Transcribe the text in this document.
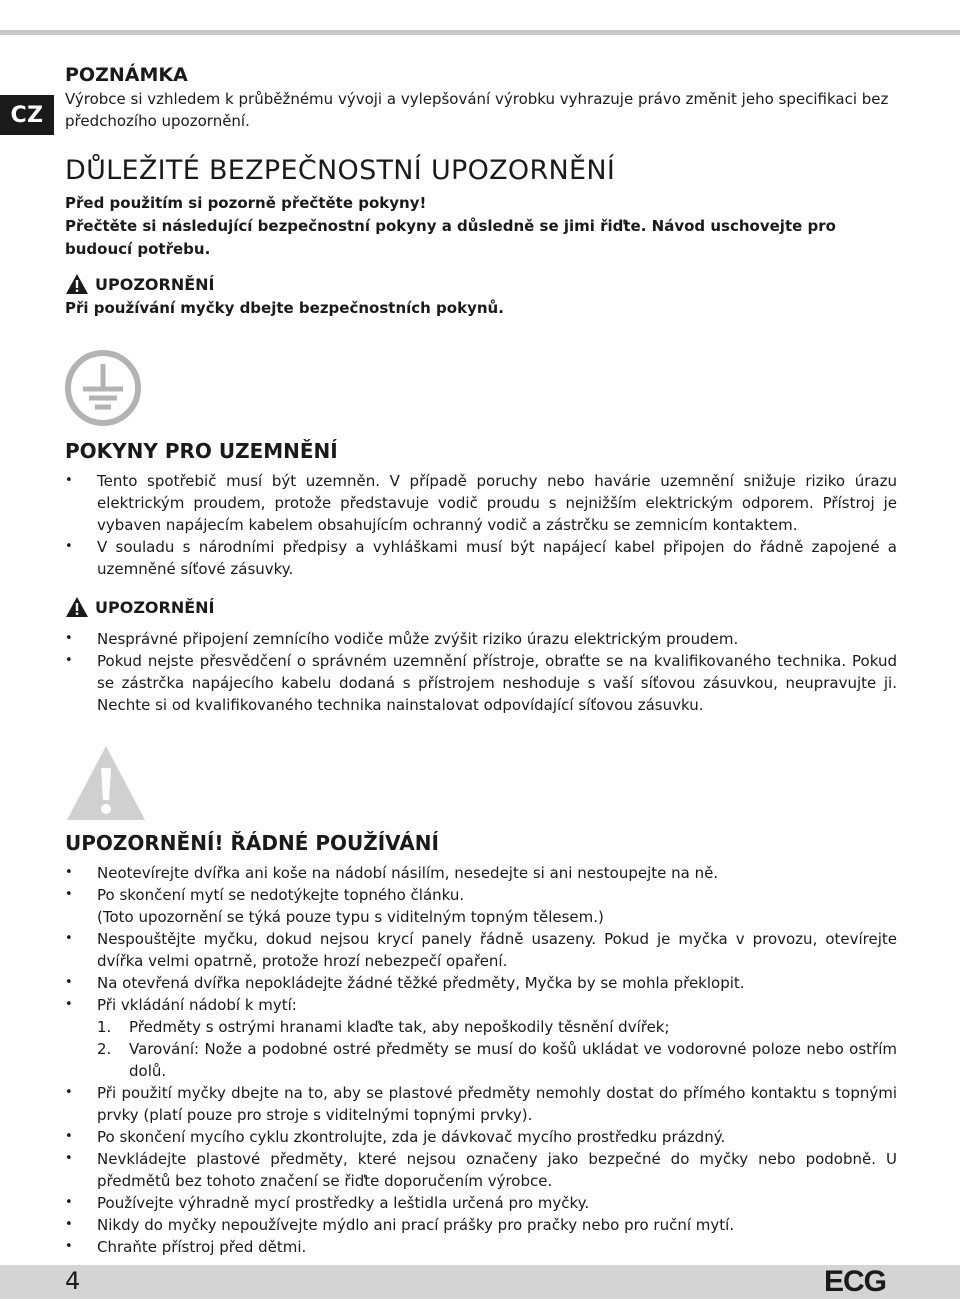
CZ
POZNÁMKA

Výrobce si vzhledem k průběžnému vývoji a vylepšování výrobku vyhrazuje právo změnit jeho specifikaci bez předchozího upozornění.

DŮLEŽITÉ BEZPEČNOSTNÍ UPOZORNĚNÍ

Před použitím si pozorně přečtěte pokyny!

Přečtěte si následující bezpečnostní pokyny a důsledně se jimi řiďte. Návod uschovejte pro budoucí potřebu.

UPOZORNĚNÍ

Při používání myčky dbejte bezpečnostních pokynů.

POKYNY PRO UZEMNĚNÍ
• Tento spotřebič musí být uzemněn. V případě poruchy nebo havárie uzemnění snižuje riziko úrazu elektrickým proudem, protože představuje vodič proudu s nejnižším elektrickým odporem. Přístroj je vybaven napájecím kabelem obsahujícím ochranný vodič a zástrčku se zemnicím kontaktem.
• V souladu s národními předpisy a vyhláškami musí být napájecí kabel připojen do řádně zapojené a uzemněné síťové zásuvky.
UPOZORNĚNÍ
• Nesprávné připojení zemnícího vodiče může zvýšit riziko úrazu elektrickým proudem.
• Pokud nejste přesvědčení o správném uzemnění přístroje, obraťte se na kvalifikovaného technika. Pokud se zástrčka napájecího kabelu dodaná s přístrojem neshoduje s vaší síťovou zásuvkou, neupravujte ji. Nechte si od kvalifikovaného technika nainstalovat odpovídající síťovou zásuvku.
UPOZORNĚNÍ! ŘÁDNÉ POUŽÍVÁNÍ
• Neotevírejte dvířka ani koše na nádobí násilím, nesedejte si ani nestoupejte na ně.
• Po skončení mytí se nedotýkejte topného článku.
(Toto upozornění se týká pouze typu s viditelným topným tělesem.)
• Nespouštějte myčku, dokud nejsou krycí panely řádně usazeny. Pokud je myčka v provozu, otevírejte dvířka velmi opatrně, protože hrozí nebezpečí opaření.
• Na otevřená dvířka nepokládejte žádné těžké předměty, Myčka by se mohla překlopit.
• Při vkládání nádobí k mytí:
1. Předměty s ostrými hranami klaďte tak, aby nepoškodily těsnění dvířek;
2. Varování: Nože a podobné ostré předměty se musí do košů ukládat ve vodorovné poloze nebo ostřím dolů.
• Při použití myčky dbejte na to, aby se plastové předměty nemohly dostat do přímého kontaktu s topnými prvky (platí pouze pro stroje s viditelnými topnými prvky).
• Po skončení mycího cyklu zkontrolujte, zda je dávkovač mycího prostředku prázdný.
• Nevkládejte plastové předměty, které nejsou označeny jako bezpečné do myčky nebo podobně. U předmětů bez tohoto značení se řiďte doporučením výrobce.
• Používejte výhradně mycí prostředky a leštidla určená pro myčky.
• Nikdy do myčky nepoužívejte mýdlo ani prací prášky pro pračky nebo pro ruční mytí.
• Chraňte přístroj před dětmi.
4	ECG
